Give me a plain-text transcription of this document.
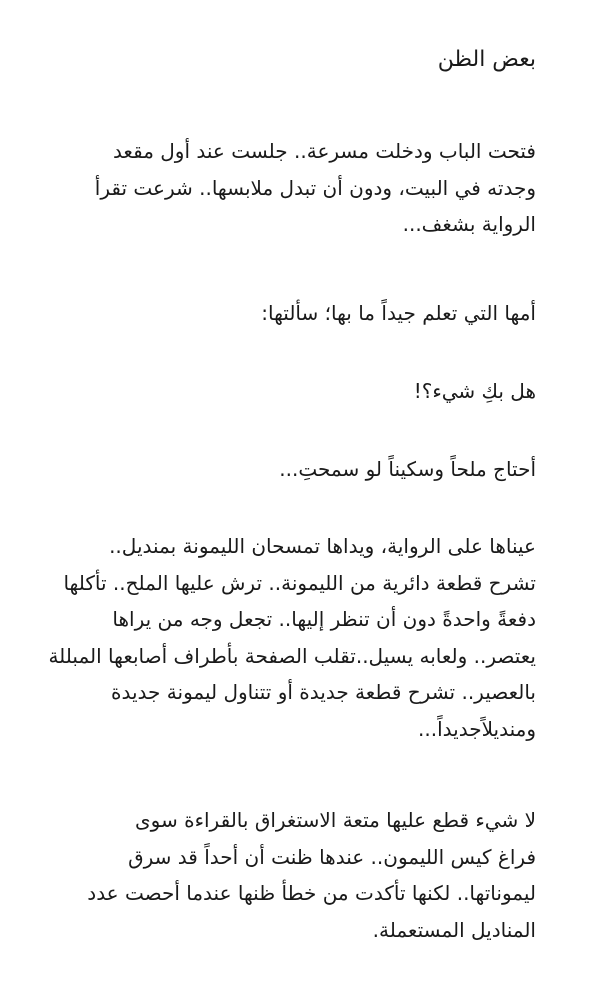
بعض الظن
فتحت الباب ودخلت مسرعة.. جلست عند أول مقعد
وجدته في البيت، ودون أن تبدل ملابسها.. شرعت تقرأ
الرواية بشغف...
أمها التي تعلم جيداً ما بها؛ سألتها:
هل بكِ شيء؟!
أحتاج ملحاً وسكيناً لو سمحتِ...
عيناها على الرواية، ويداها تمسحان الليمونة بمنديل..
تشرح قطعة دائرية من الليمونة.. ترش عليها الملح.. تأكلها
دفعةً واحدةً دون أن تنظر إليها.. تجعل وجه من يراها
يعتصر.. ولعابه يسيل..تقلب الصفحة بأطراف أصابعها المبللة
بالعصير.. تشرح قطعة جديدة أو تتناول ليمونة جديدة
ومنديلاًجديداً...
لا شيء قطع عليها متعة الاستغراق بالقراءة سوى
فراغ كيس الليمون.. عندها ظنت أن أحداً قد سرق
ليموناتها.. لكنها تأكدت من خطأ ظنها عندما أحصت عدد
المناديل المستعملة.
